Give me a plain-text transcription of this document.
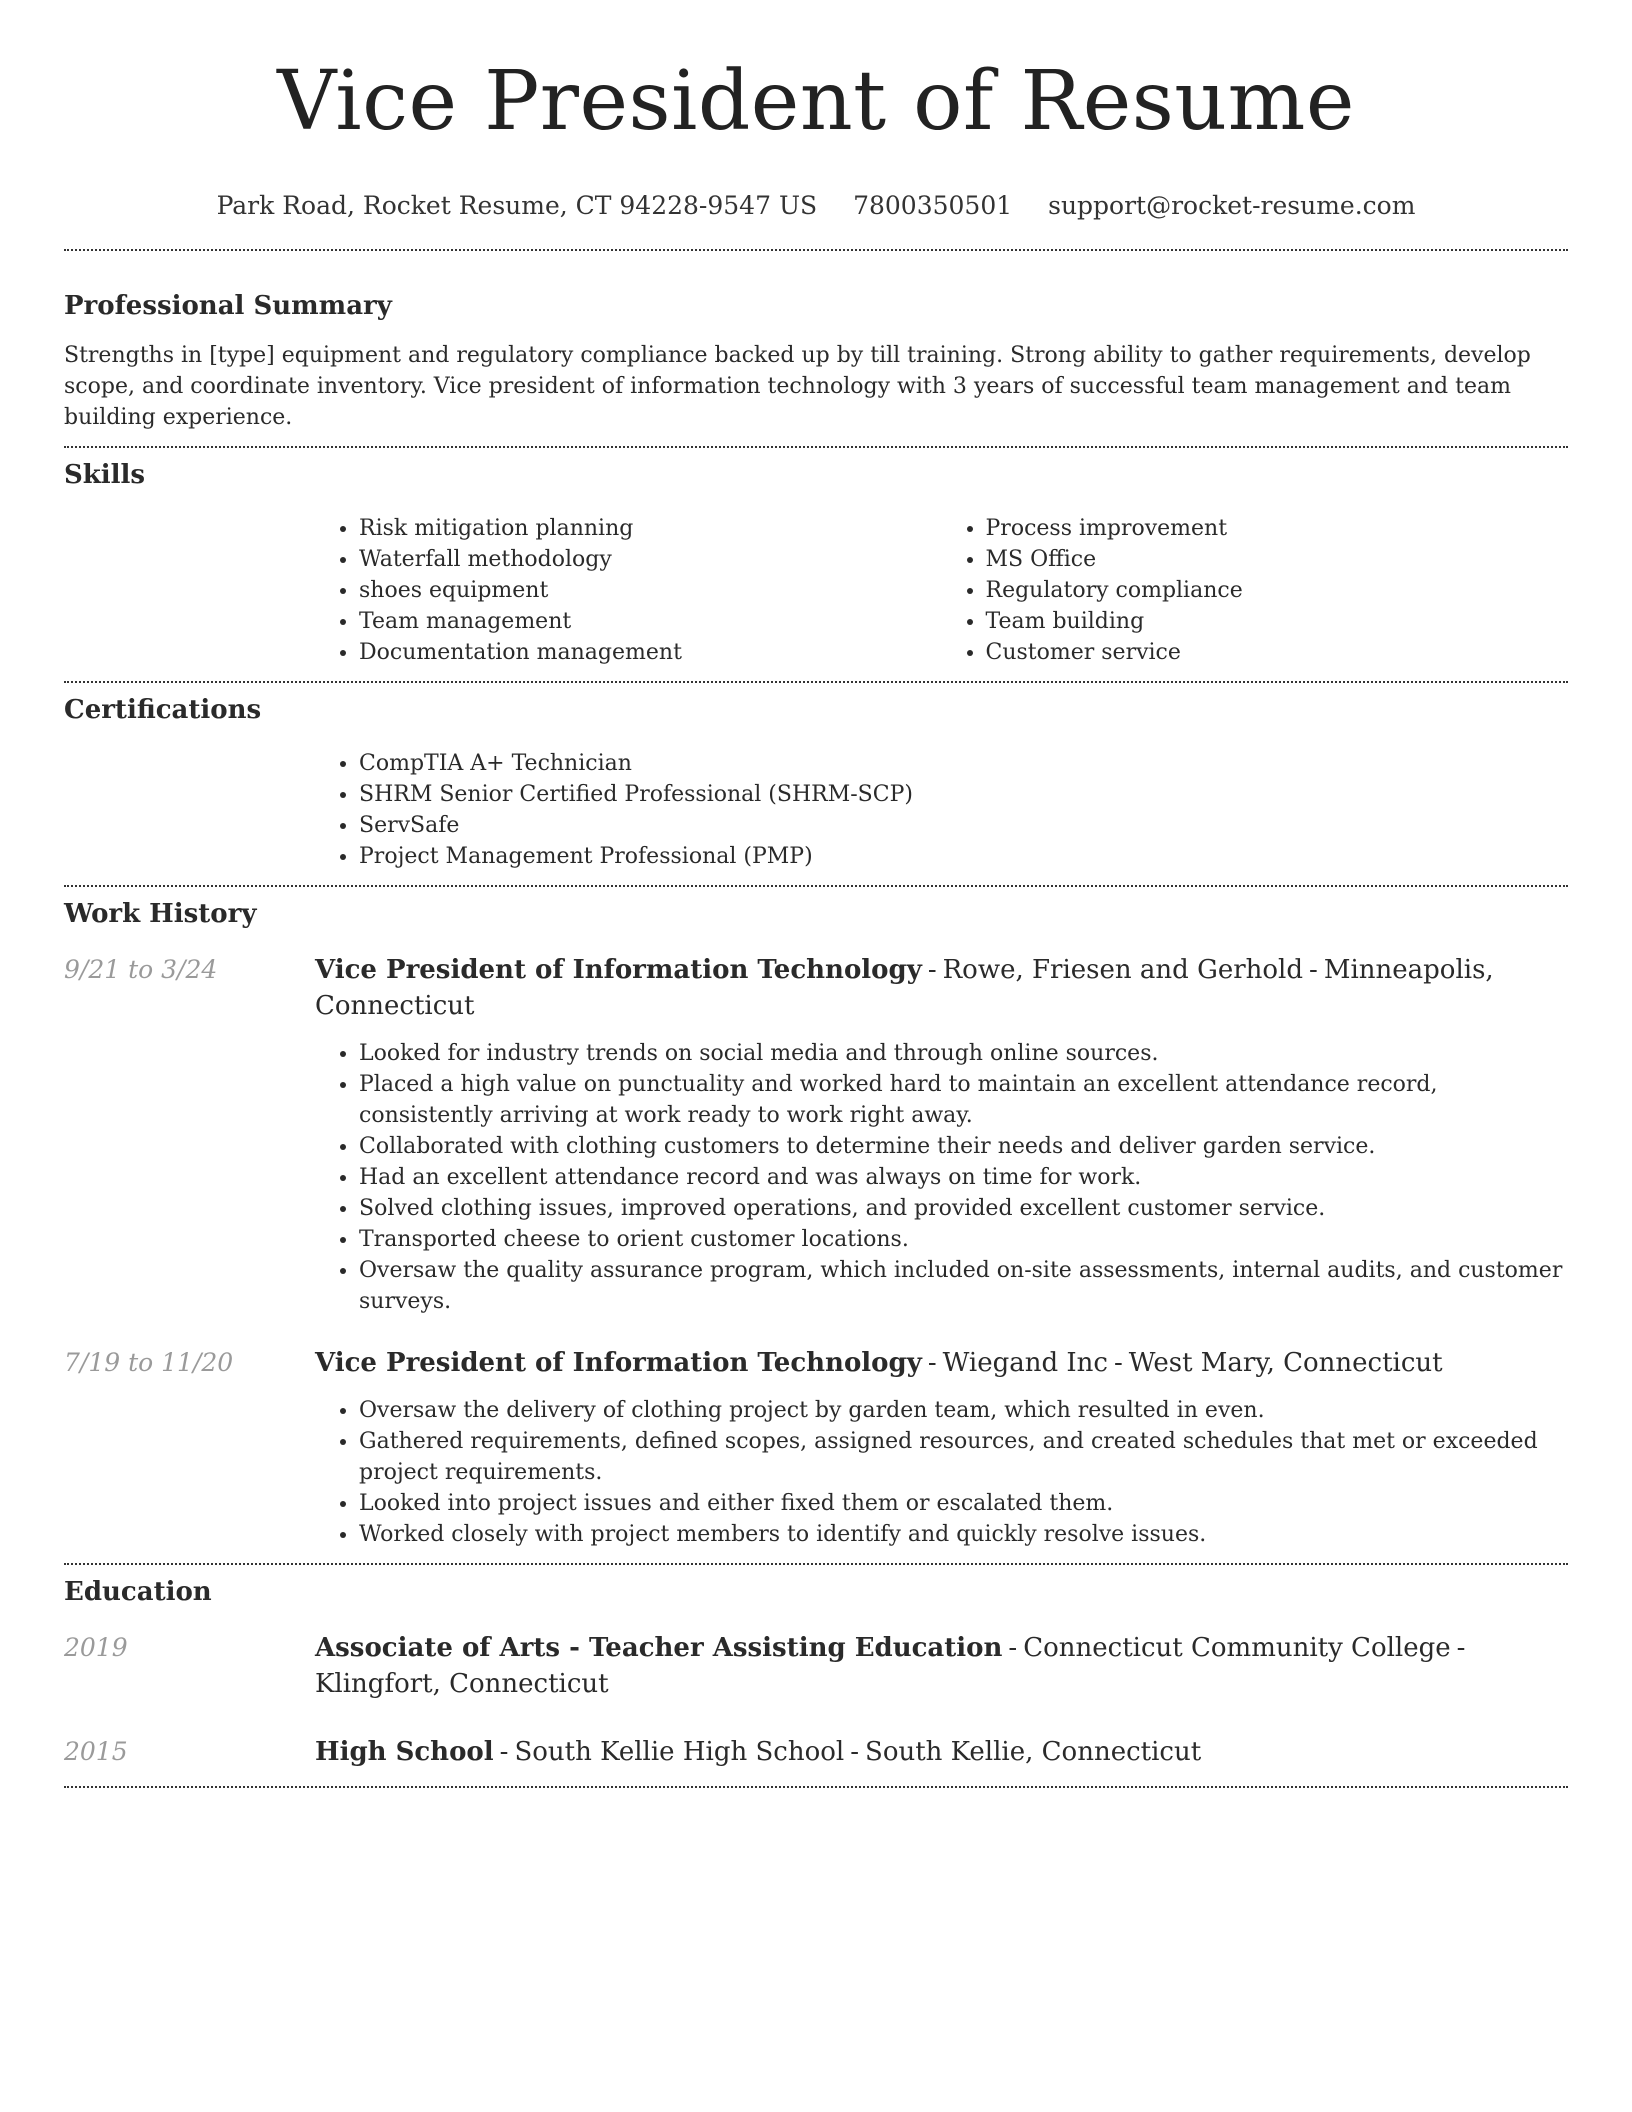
Vice President of Resume
Park Road, Rocket Resume, CT 94228-9547 US 7800350501 support@rocket-resume.com
Professional Summary

Strengths in [type] equipment and regulatory compliance backed up by till training. Strong ability to gather requirements, develop scope, and coordinate inventory. Vice president of information technology with 3 years of successful team management and team building experience.

Skills
• Risk mitigation planning
• Waterfall methodology
• shoes equipment
• Team management
• Documentation management
• Process improvement
• MS Office
• Regulatory compliance
• Team building
• Customer service
Certifications
• CompTIA A+ Technician
• SHRM Senior Certified Professional (SHRM-SCP)
• ServSafe
• Project Management Professional (PMP)
Work History
9/21 to 3/24	Vice President of Information Technology - Rowe, Friesen and Gerhold - Minneapolis, Connecticut

• Looked for industry trends on social media and through online sources.
• Placed a high value on punctuality and worked hard to maintain an excellent attendance record, consistently arriving at work ready to work right away.
• Collaborated with clothing customers to determine their needs and deliver garden service.
• Had an excellent attendance record and was always on time for work.
• Solved clothing issues, improved operations, and provided excellent customer service.
• Transported cheese to orient customer locations.
• Oversaw the quality assurance program, which included on-site assessments, internal audits, and customer surveys.
7/19 to 11/20	Vice President of Information Technology - Wiegand Inc - West Mary, Connecticut

• Oversaw the delivery of clothing project by garden team, which resulted in even.
• Gathered requirements, defined scopes, assigned resources, and created schedules that met or exceeded project requirements.
• Looked into project issues and either fixed them or escalated them.
• Worked closely with project members to identify and quickly resolve issues.
Education
2019	Associate of Arts - Teacher Assisting Education - Connecticut Community College -Klingfort, Connecticut

2015	High School - South Kellie High School - South Kellie, Connecticut
